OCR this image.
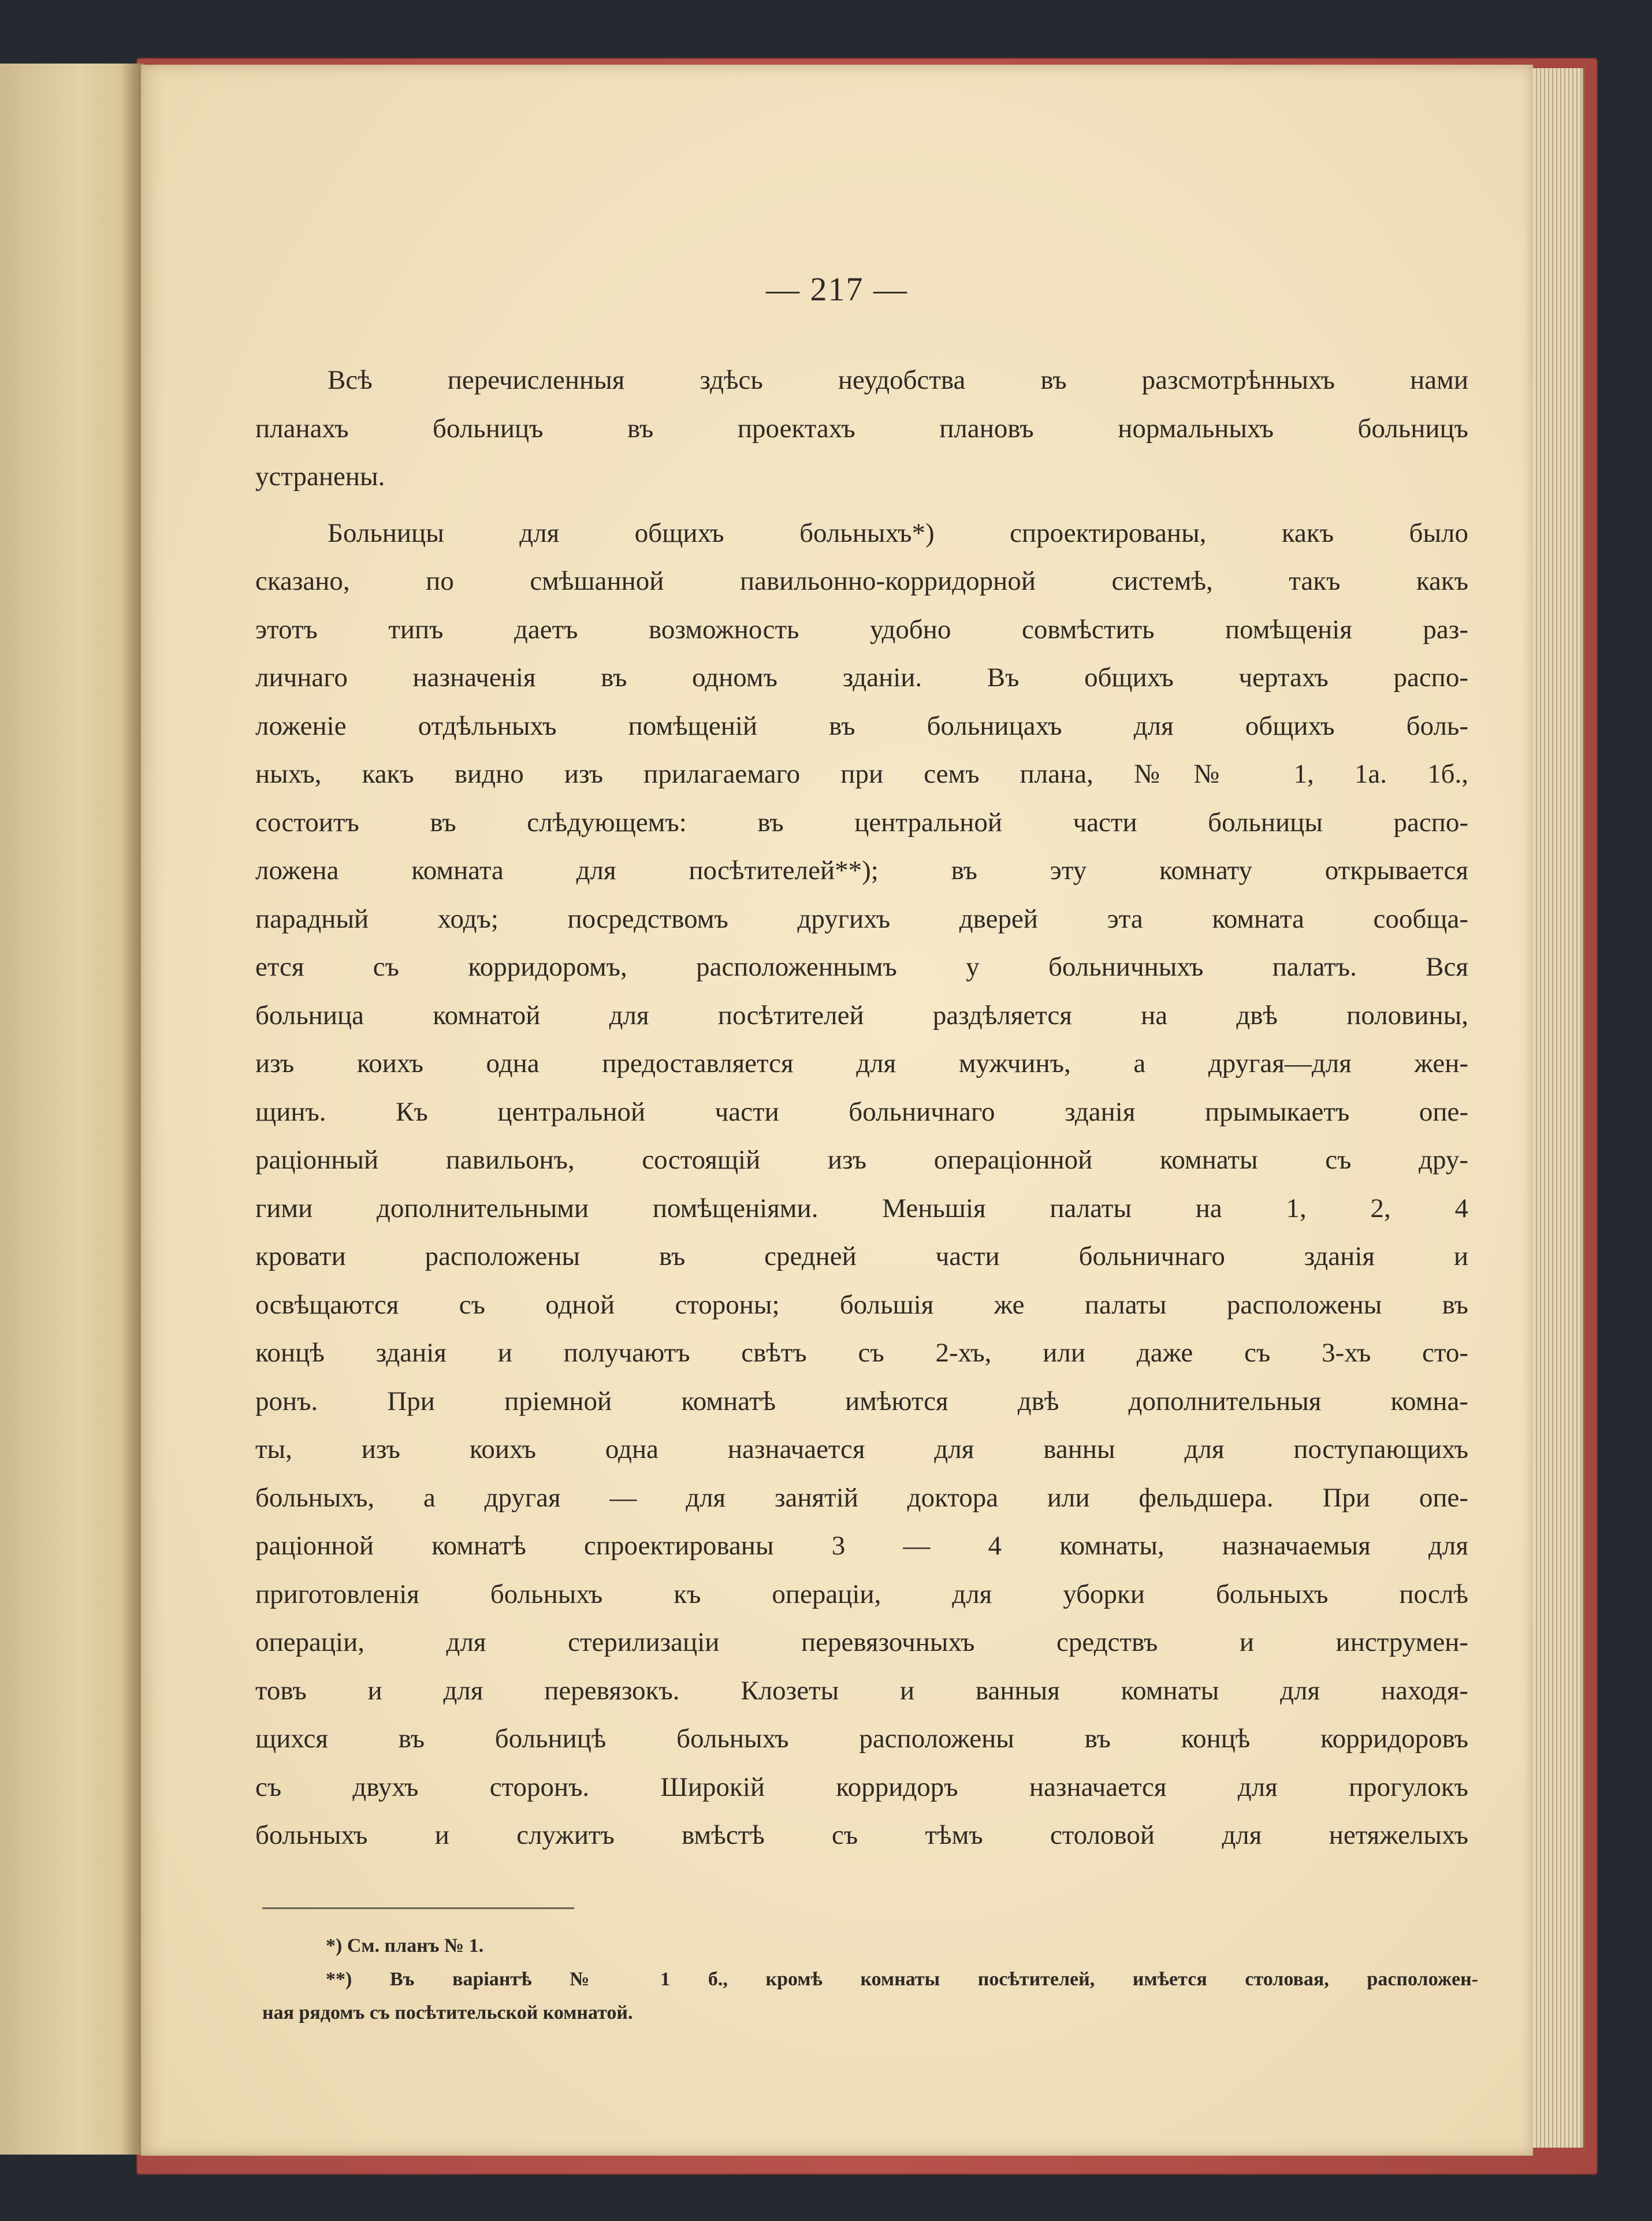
— 217 —

Всѣ перечисленныя здѣсь неудобства въ разсмотрѣнныхъ нами
планахъ больницъ въ проектахъ плановъ нормальныхъ больницъ
устранены.

Больницы для общихъ больныхъ*) спроектированы, какъ было
сказано, по смѣшанной павильонно-корридорной системѣ, такъ какъ
этотъ типъ даетъ возможность удобно совмѣстить помѣщенія раз-
личнаго назначенія въ одномъ зданіи. Въ общихъ чертахъ распо-
ложеніе отдѣльныхъ помѣщеній въ больницахъ для общихъ боль-
ныхъ, какъ видно изъ прилагаемаго при семъ плана, №№ 1, 1а. 1б.,
состоитъ въ слѣдующемъ: въ центральной части больницы распо-
ложена комната для посѣтителей**); въ эту комнату открывается
парадный ходъ; посредствомъ другихъ дверей эта комната сообща-
ется съ корридоромъ, расположеннымъ у больничныхъ палатъ. Вся
больница комнатой для посѣтителей раздѣляется на двѣ половины,
изъ коихъ одна предоставляется для мужчинъ, а другая—для жен-
щинъ. Къ центральной части больничнаго зданія прымыкаетъ опе-
раціонный павильонъ, состоящій изъ операціонной комнаты съ дру-
гими дополнительными помѣщеніями. Меньшія палаты на 1, 2, 4
кровати расположены въ средней части больничнаго зданія и
освѣщаются съ одной стороны; большія же палаты расположены въ
концѣ зданія и получаютъ свѣтъ съ 2-хъ, или даже съ 3-хъ сто-
ронъ. При пріемной комнатѣ имѣются двѣ дополнительныя комна-
ты, изъ коихъ одна назначается для ванны для поступающихъ
больныхъ, а другая — для занятій доктора или фельдшера. При опе-
раціонной комнатѣ спроектированы 3 — 4 комнаты, назначаемыя для
приготовленія больныхъ къ операціи, для уборки больныхъ послѣ
операціи, для стерилизаціи перевязочныхъ средствъ и инструмен-
товъ и для перевязокъ. Клозеты и ванныя комнаты для находя-
щихся въ больницѣ больныхъ расположены въ концѣ корридоровъ
съ двухъ сторонъ. Широкій корридоръ назначается для прогулокъ
больныхъ и служитъ вмѣстѣ съ тѣмъ столовой для нетяжелыхъ

*) См. планъ № 1.
**) Въ варіантѣ № 1 б., кромѣ комнаты посѣтителей, имѣется столовая, расположен-
ная рядомъ съ посѣтительской комнатой.
